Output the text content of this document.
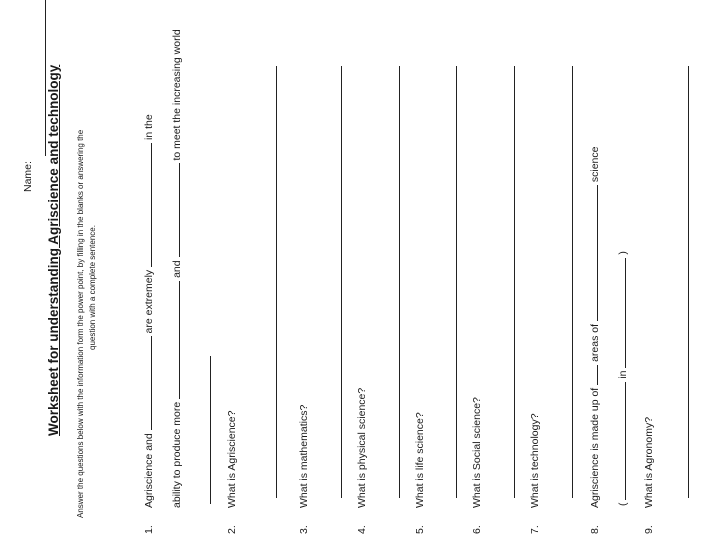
Name: Worksheet for understanding Agriscience and technology Answer the questions below with the information form the power point, by filling in the blanks or answering the question with a complete sentence.
1.Agriscience and  are extremely  in the
ability to produce more  and  to meet the increasing world
2.What is Agriscience?
3.What is mathematics?
4.What is physical science?
5.What is life science?
6.What is Social science?
7.What is technology?
8.Agriscience is made up of  areas of  science
(  in  )
9.What is Agronomy?
